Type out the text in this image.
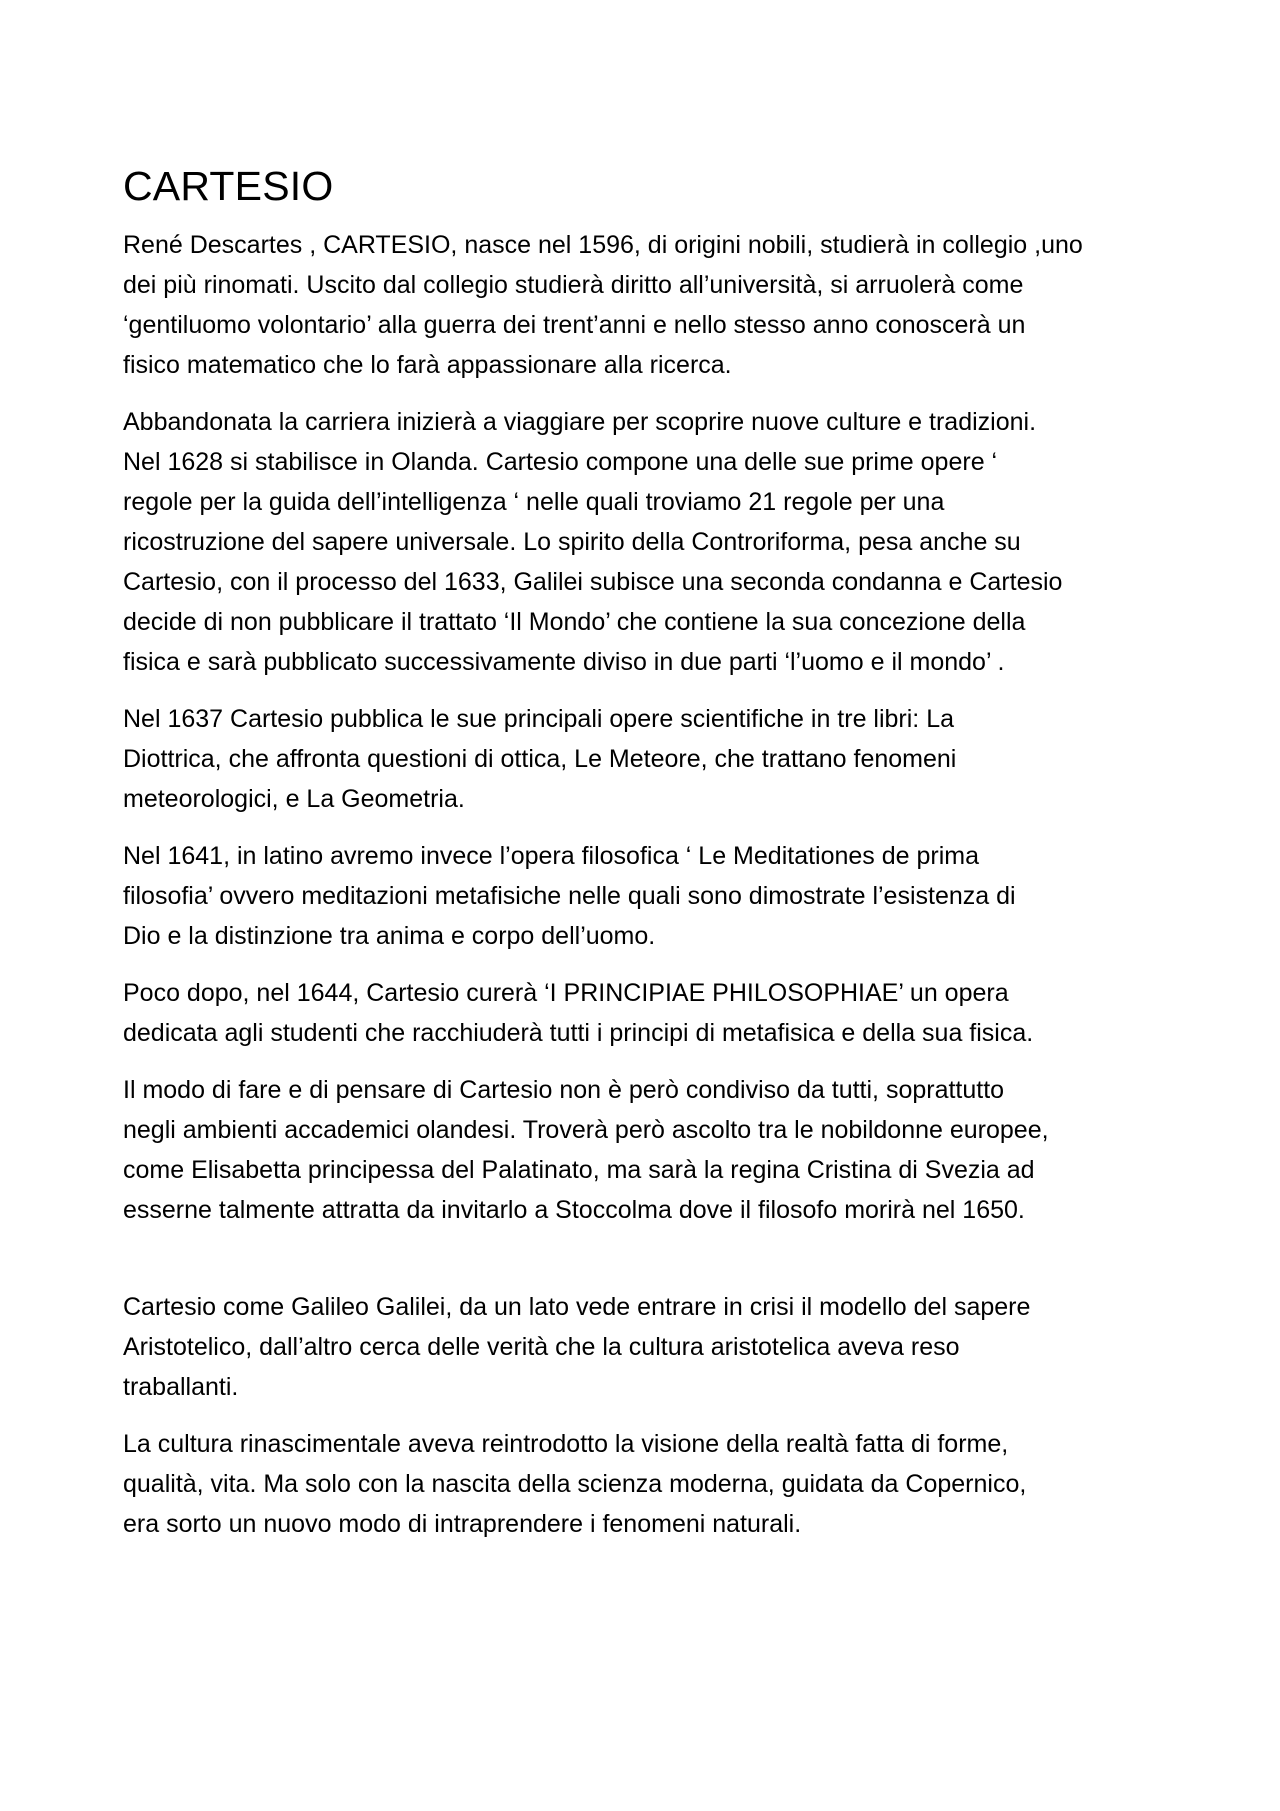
CARTESIO

René Descartes , CARTESIO, nasce nel 1596, di origini nobili, studierà in collegio ,uno
dei più rinomati. Uscito dal collegio studierà diritto all’università, si arruolerà come
‘gentiluomo volontario’ alla guerra dei trent’anni e nello stesso anno conoscerà un
fisico matematico che lo farà appassionare alla ricerca.

Abbandonata la carriera inizierà a viaggiare per scoprire nuove culture e tradizioni.
Nel 1628 si stabilisce in Olanda. Cartesio compone una delle sue prime opere ‘
regole per la guida dell’intelligenza ‘ nelle quali troviamo 21 regole per una
ricostruzione del sapere universale. Lo spirito della Controriforma, pesa anche su
Cartesio, con il processo del 1633, Galilei subisce una seconda condanna e Cartesio
decide di non pubblicare il trattato ‘Il Mondo’ che contiene la sua concezione della
fisica e sarà pubblicato successivamente diviso in due parti ‘l’uomo e il mondo’ .

Nel 1637 Cartesio pubblica le sue principali opere scientifiche in tre libri: La
Diottrica, che affronta questioni di ottica, Le Meteore, che trattano fenomeni
meteorologici, e La Geometria.

Nel 1641, in latino avremo invece l’opera filosofica ‘ Le Meditationes de prima
filosofia’ ovvero meditazioni metafisiche nelle quali sono dimostrate l’esistenza di
Dio e la distinzione tra anima e corpo dell’uomo.

Poco dopo, nel 1644, Cartesio curerà ‘I PRINCIPIAE PHILOSOPHIAE’ un opera
dedicata agli studenti che racchiuderà tutti i principi di metafisica e della sua fisica.

Il modo di fare e di pensare di Cartesio non è però condiviso da tutti, soprattutto
negli ambienti accademici olandesi. Troverà però ascolto tra le nobildonne europee,
come Elisabetta principessa del Palatinato, ma sarà la regina Cristina di Svezia ad
esserne talmente attratta da invitarlo a Stoccolma dove il filosofo morirà nel 1650.

Cartesio come Galileo Galilei, da un lato vede entrare in crisi il modello del sapere
Aristotelico, dall’altro cerca delle verità che la cultura aristotelica aveva reso
traballanti.

La cultura rinascimentale aveva reintrodotto la visione della realtà fatta di forme,
qualità, vita. Ma solo con la nascita della scienza moderna, guidata da Copernico,
era sorto un nuovo modo di intraprendere i fenomeni naturali.
